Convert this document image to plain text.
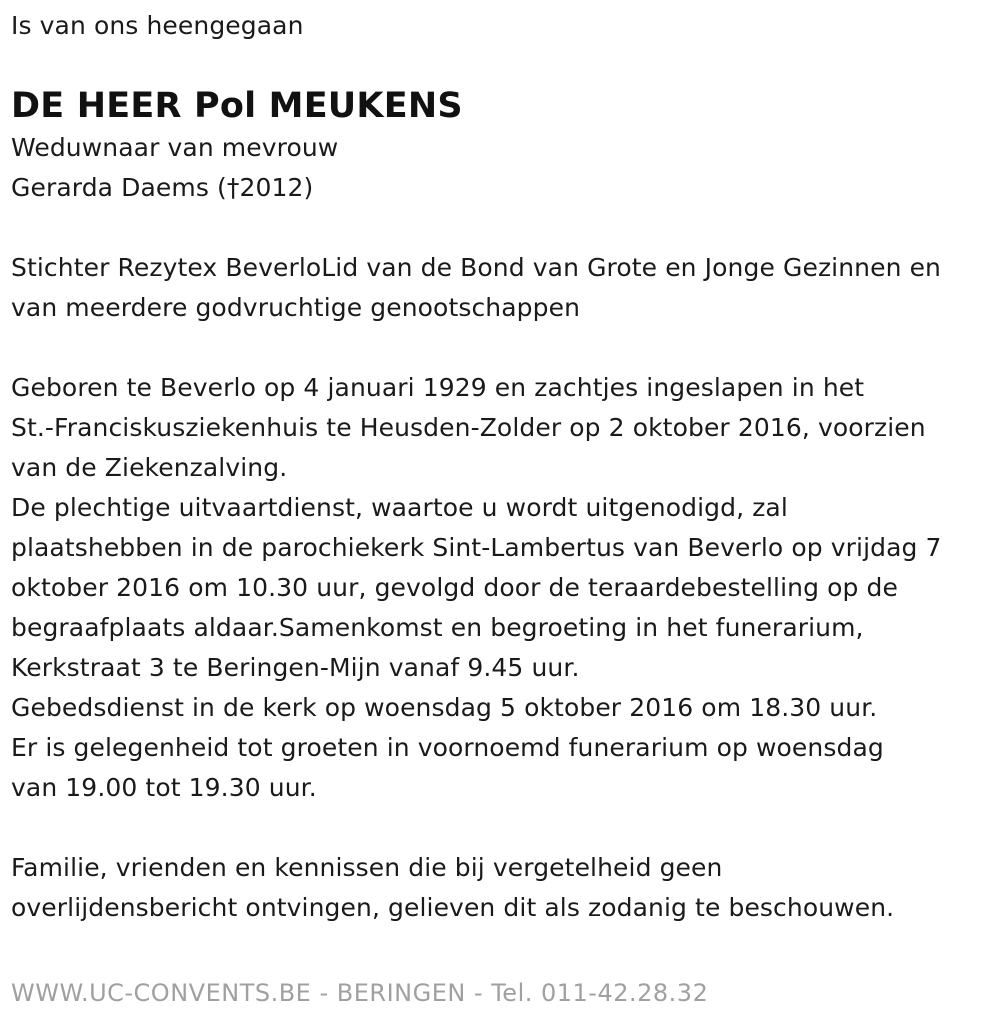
Is van ons heengegaan
DE HEER Pol MEUKENS
Weduwnaar van mevrouw
Gerarda Daems (†2012)
Stichter Rezytex BeverloLid van de Bond van Grote en Jonge Gezinnen en
van meerdere godvruchtige genootschappen
Geboren te Beverlo op 4 januari 1929 en zachtjes ingeslapen in het
St.-Franciskusziekenhuis te Heusden-Zolder op 2 oktober 2016, voorzien
van de Ziekenzalving.
De plechtige uitvaartdienst, waartoe u wordt uitgenodigd, zal
plaatshebben in de parochiekerk Sint-Lambertus van Beverlo op vrijdag 7
oktober 2016 om 10.30 uur, gevolgd door de teraardebestelling op de
begraafplaats aldaar.Samenkomst en begroeting in het funerarium,
Kerkstraat 3 te Beringen-Mijn vanaf 9.45 uur.
Gebedsdienst in de kerk op woensdag 5 oktober 2016 om 18.30 uur.
Er is gelegenheid tot groeten in voornoemd funerarium op woensdag
van 19.00 tot 19.30 uur.
Familie, vrienden en kennissen die bij vergetelheid geen
overlijdensbericht ontvingen, gelieven dit als zodanig te beschouwen.
WWW.UC-CONVENTS.BE - BERINGEN - Tel. 011-42.28.32
